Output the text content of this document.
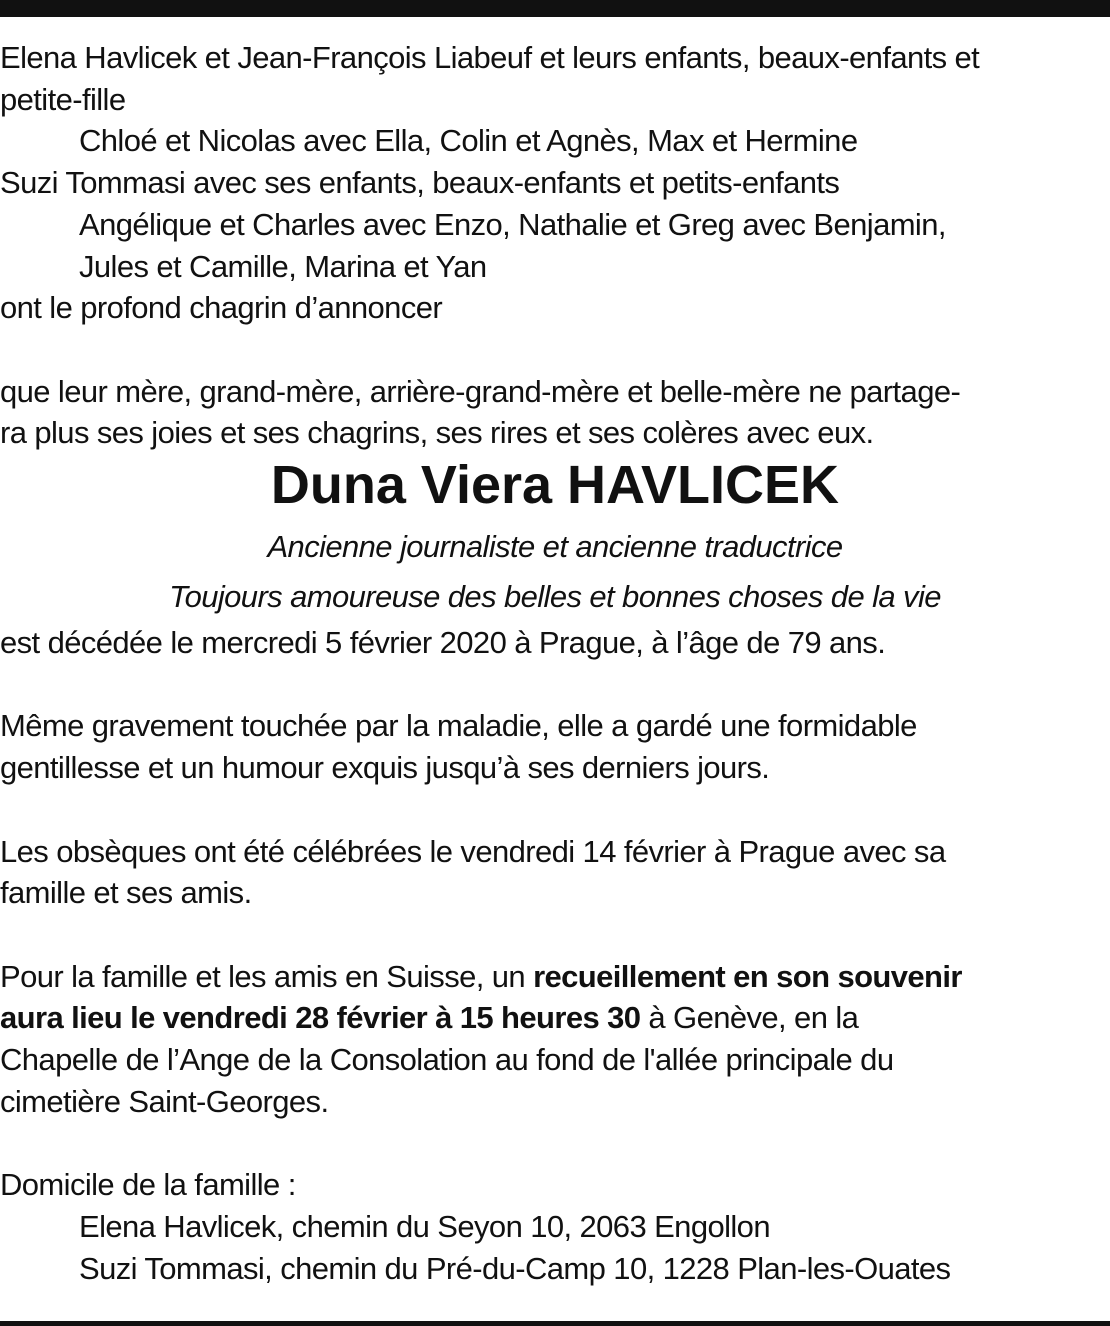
Elena Havlicek et Jean-François Liabeuf et leurs enfants, beaux-enfants et
petite-fille
Chloé et Nicolas avec Ella, Colin et Agnès, Max et Hermine
Suzi Tommasi avec ses enfants, beaux-enfants et petits-enfants
Angélique et Charles avec Enzo, Nathalie et Greg avec Benjamin,
Jules et Camille, Marina et Yan
ont le profond chagrin d’annoncer
que leur mère, grand-mère, arrière-grand-mère et belle-mère ne partage-
ra plus ses joies et ses chagrins, ses rires et ses colères avec eux.
Duna Viera HAVLICEK
Ancienne journaliste et ancienne traductrice
Toujours amoureuse des belles et bonnes choses de la vie
est décédée le mercredi 5 février 2020 à Prague, à l’âge de 79 ans.
Même gravement touchée par la maladie, elle a gardé une formidable
gentillesse et un humour exquis jusqu’à ses derniers jours.
Les obsèques ont été célébrées le vendredi 14 février à Prague avec sa
famille et ses amis.
Pour la famille et les amis en Suisse, un recueillement en son souvenir
aura lieu le vendredi 28 février à 15 heures 30 à Genève, en la
Chapelle de l’Ange de la Consolation au fond de l'allée principale du
cimetière Saint-Georges.
Domicile de la famille :
Elena Havlicek, chemin du Seyon 10, 2063 Engollon
Suzi Tommasi, chemin du Pré-du-Camp 10, 1228 Plan-les-Ouates
